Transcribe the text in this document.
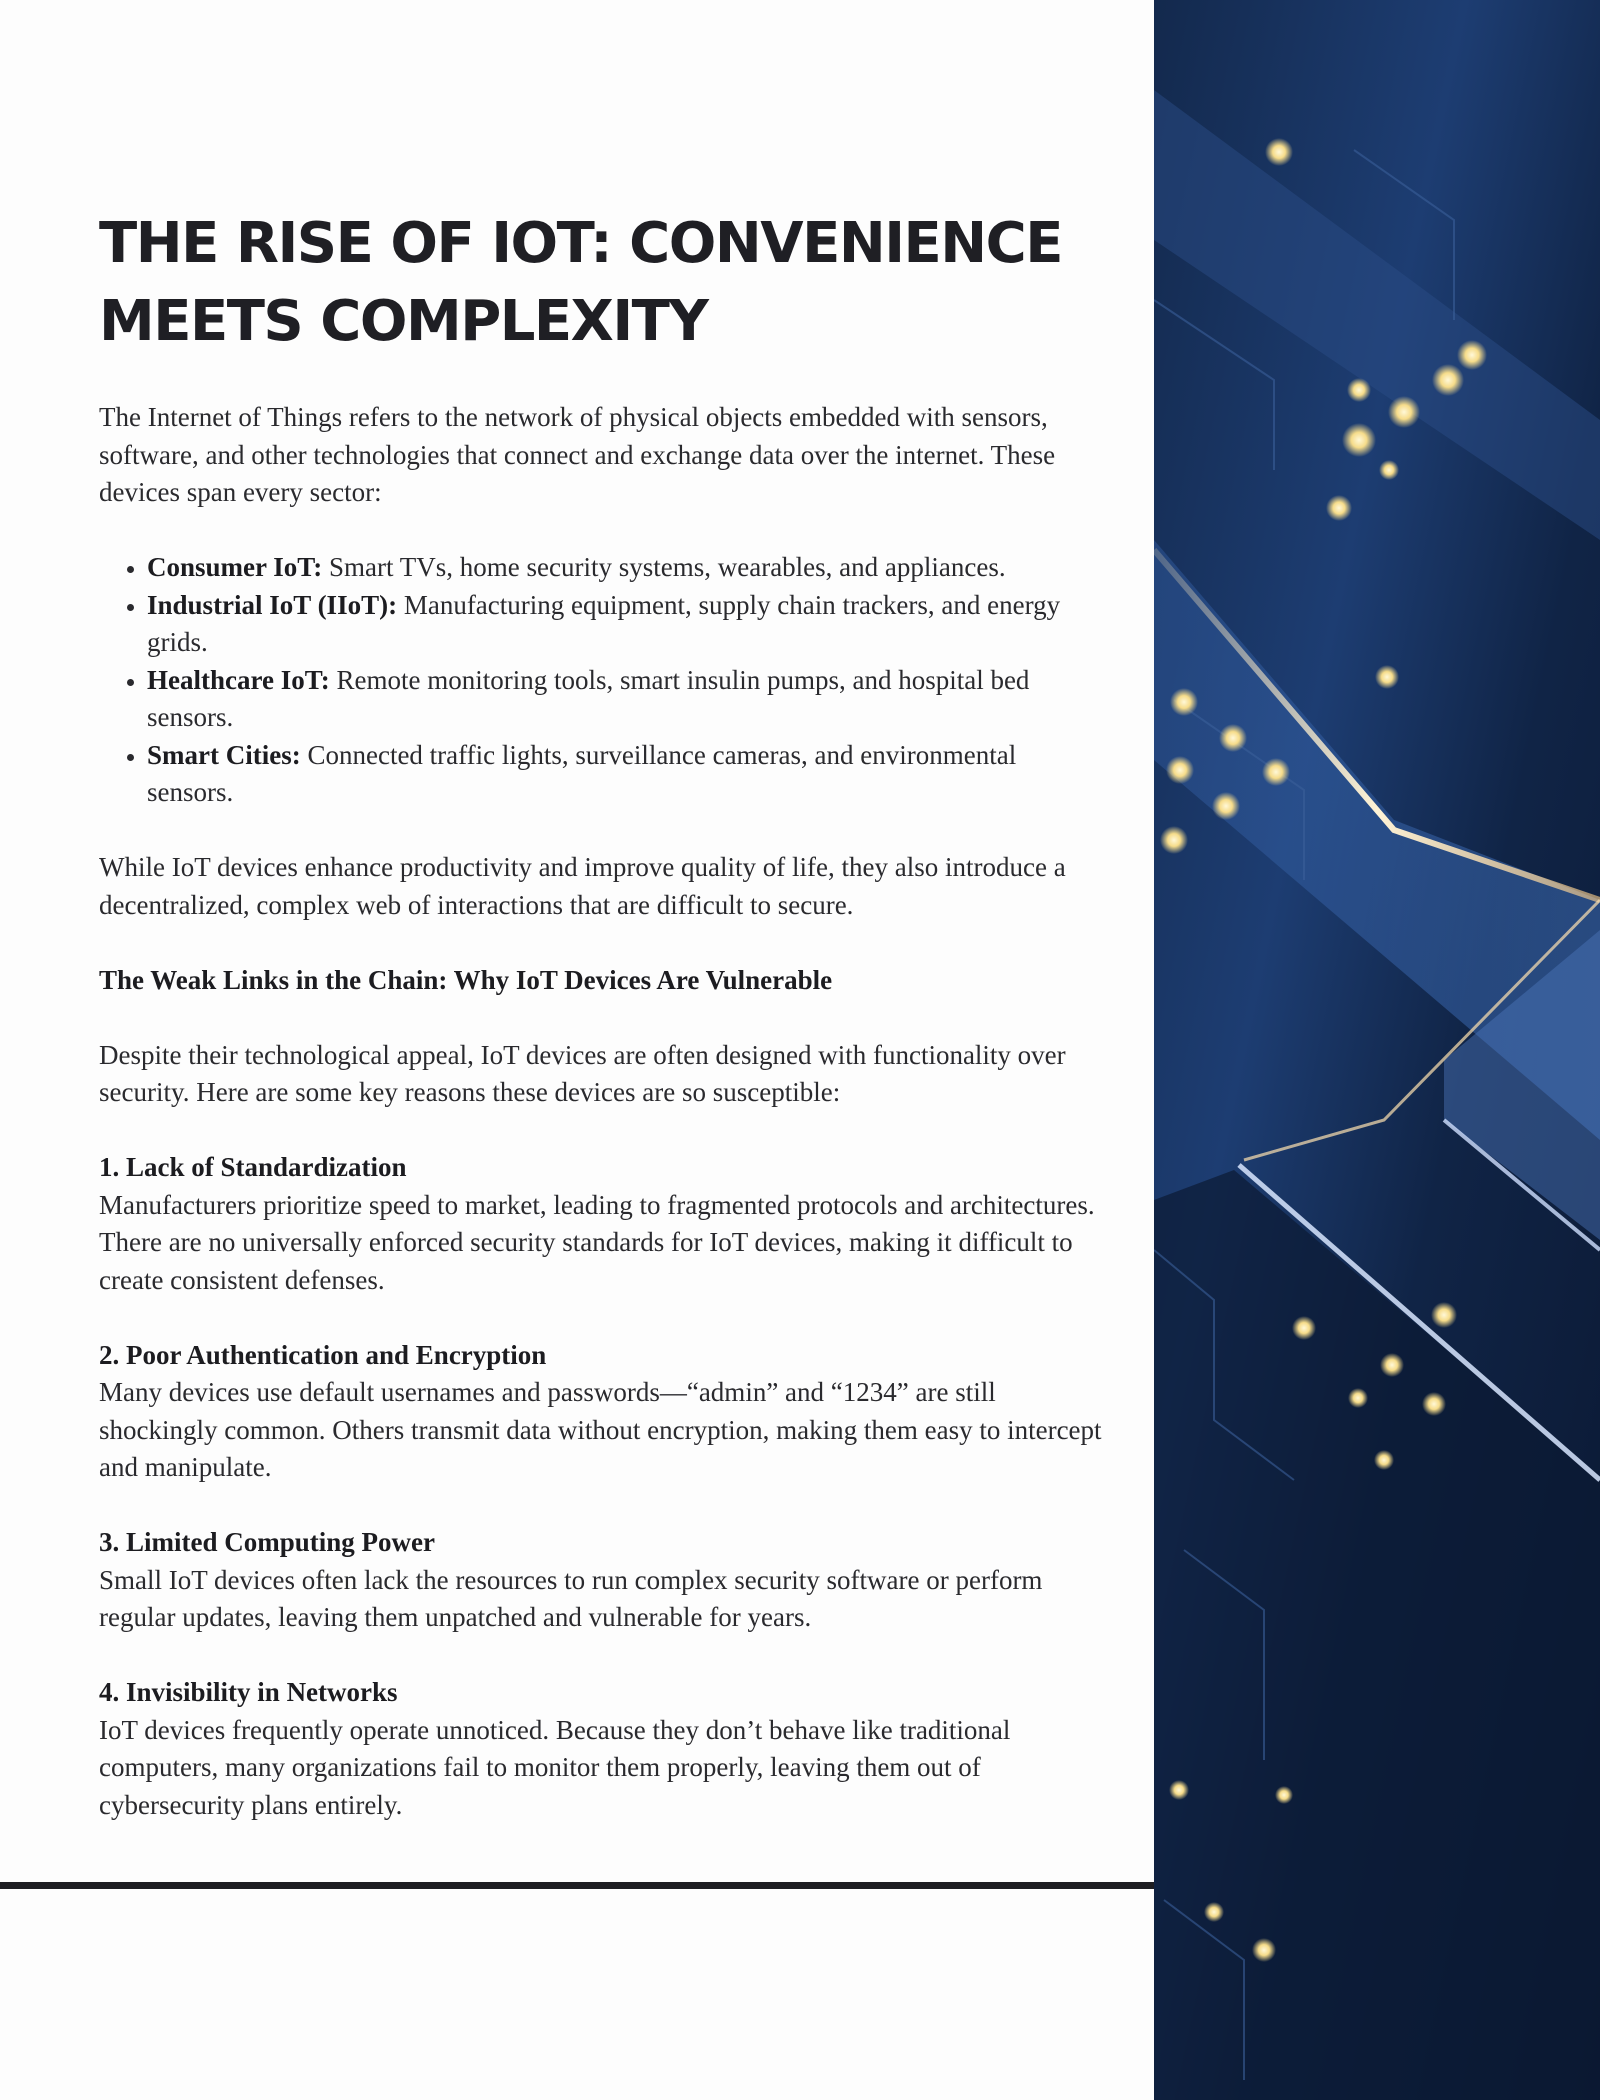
THE RISE OF IOT: CONVENIENCE MEETS COMPLEXITY

The Internet of Things refers to the network of physical objects embedded with sensors, software, and other technologies that connect and exchange data over the internet. These devices span every sector:

• Consumer IoT: Smart TVs, home security systems, wearables, and appliances.
• Industrial IoT (IIoT): Manufacturing equipment, supply chain trackers, and energy grids.
• Healthcare IoT: Remote monitoring tools, smart insulin pumps, and hospital bed sensors.
• Smart Cities: Connected traffic lights, surveillance cameras, and environmental sensors.

While IoT devices enhance productivity and improve quality of life, they also introduce a decentralized, complex web of interactions that are difficult to secure.

The Weak Links in the Chain: Why IoT Devices Are Vulnerable

Despite their technological appeal, IoT devices are often designed with functionality over security. Here are some key reasons these devices are so susceptible:

1. Lack of Standardization
Manufacturers prioritize speed to market, leading to fragmented protocols and architectures. There are no universally enforced security standards for IoT devices, making it difficult to create consistent defenses.
2. Poor Authentication and Encryption
Many devices use default usernames and passwords—“admin” and “1234” are still shockingly common. Others transmit data without encryption, making them easy to intercept and manipulate.
3. Limited Computing Power
Small IoT devices often lack the resources to run complex security software or perform regular updates, leaving them unpatched and vulnerable for years.
4. Invisibility in Networks
IoT devices frequently operate unnoticed. Because they don’t behave like traditional computers, many organizations fail to monitor them properly, leaving them out of cybersecurity plans entirely.
